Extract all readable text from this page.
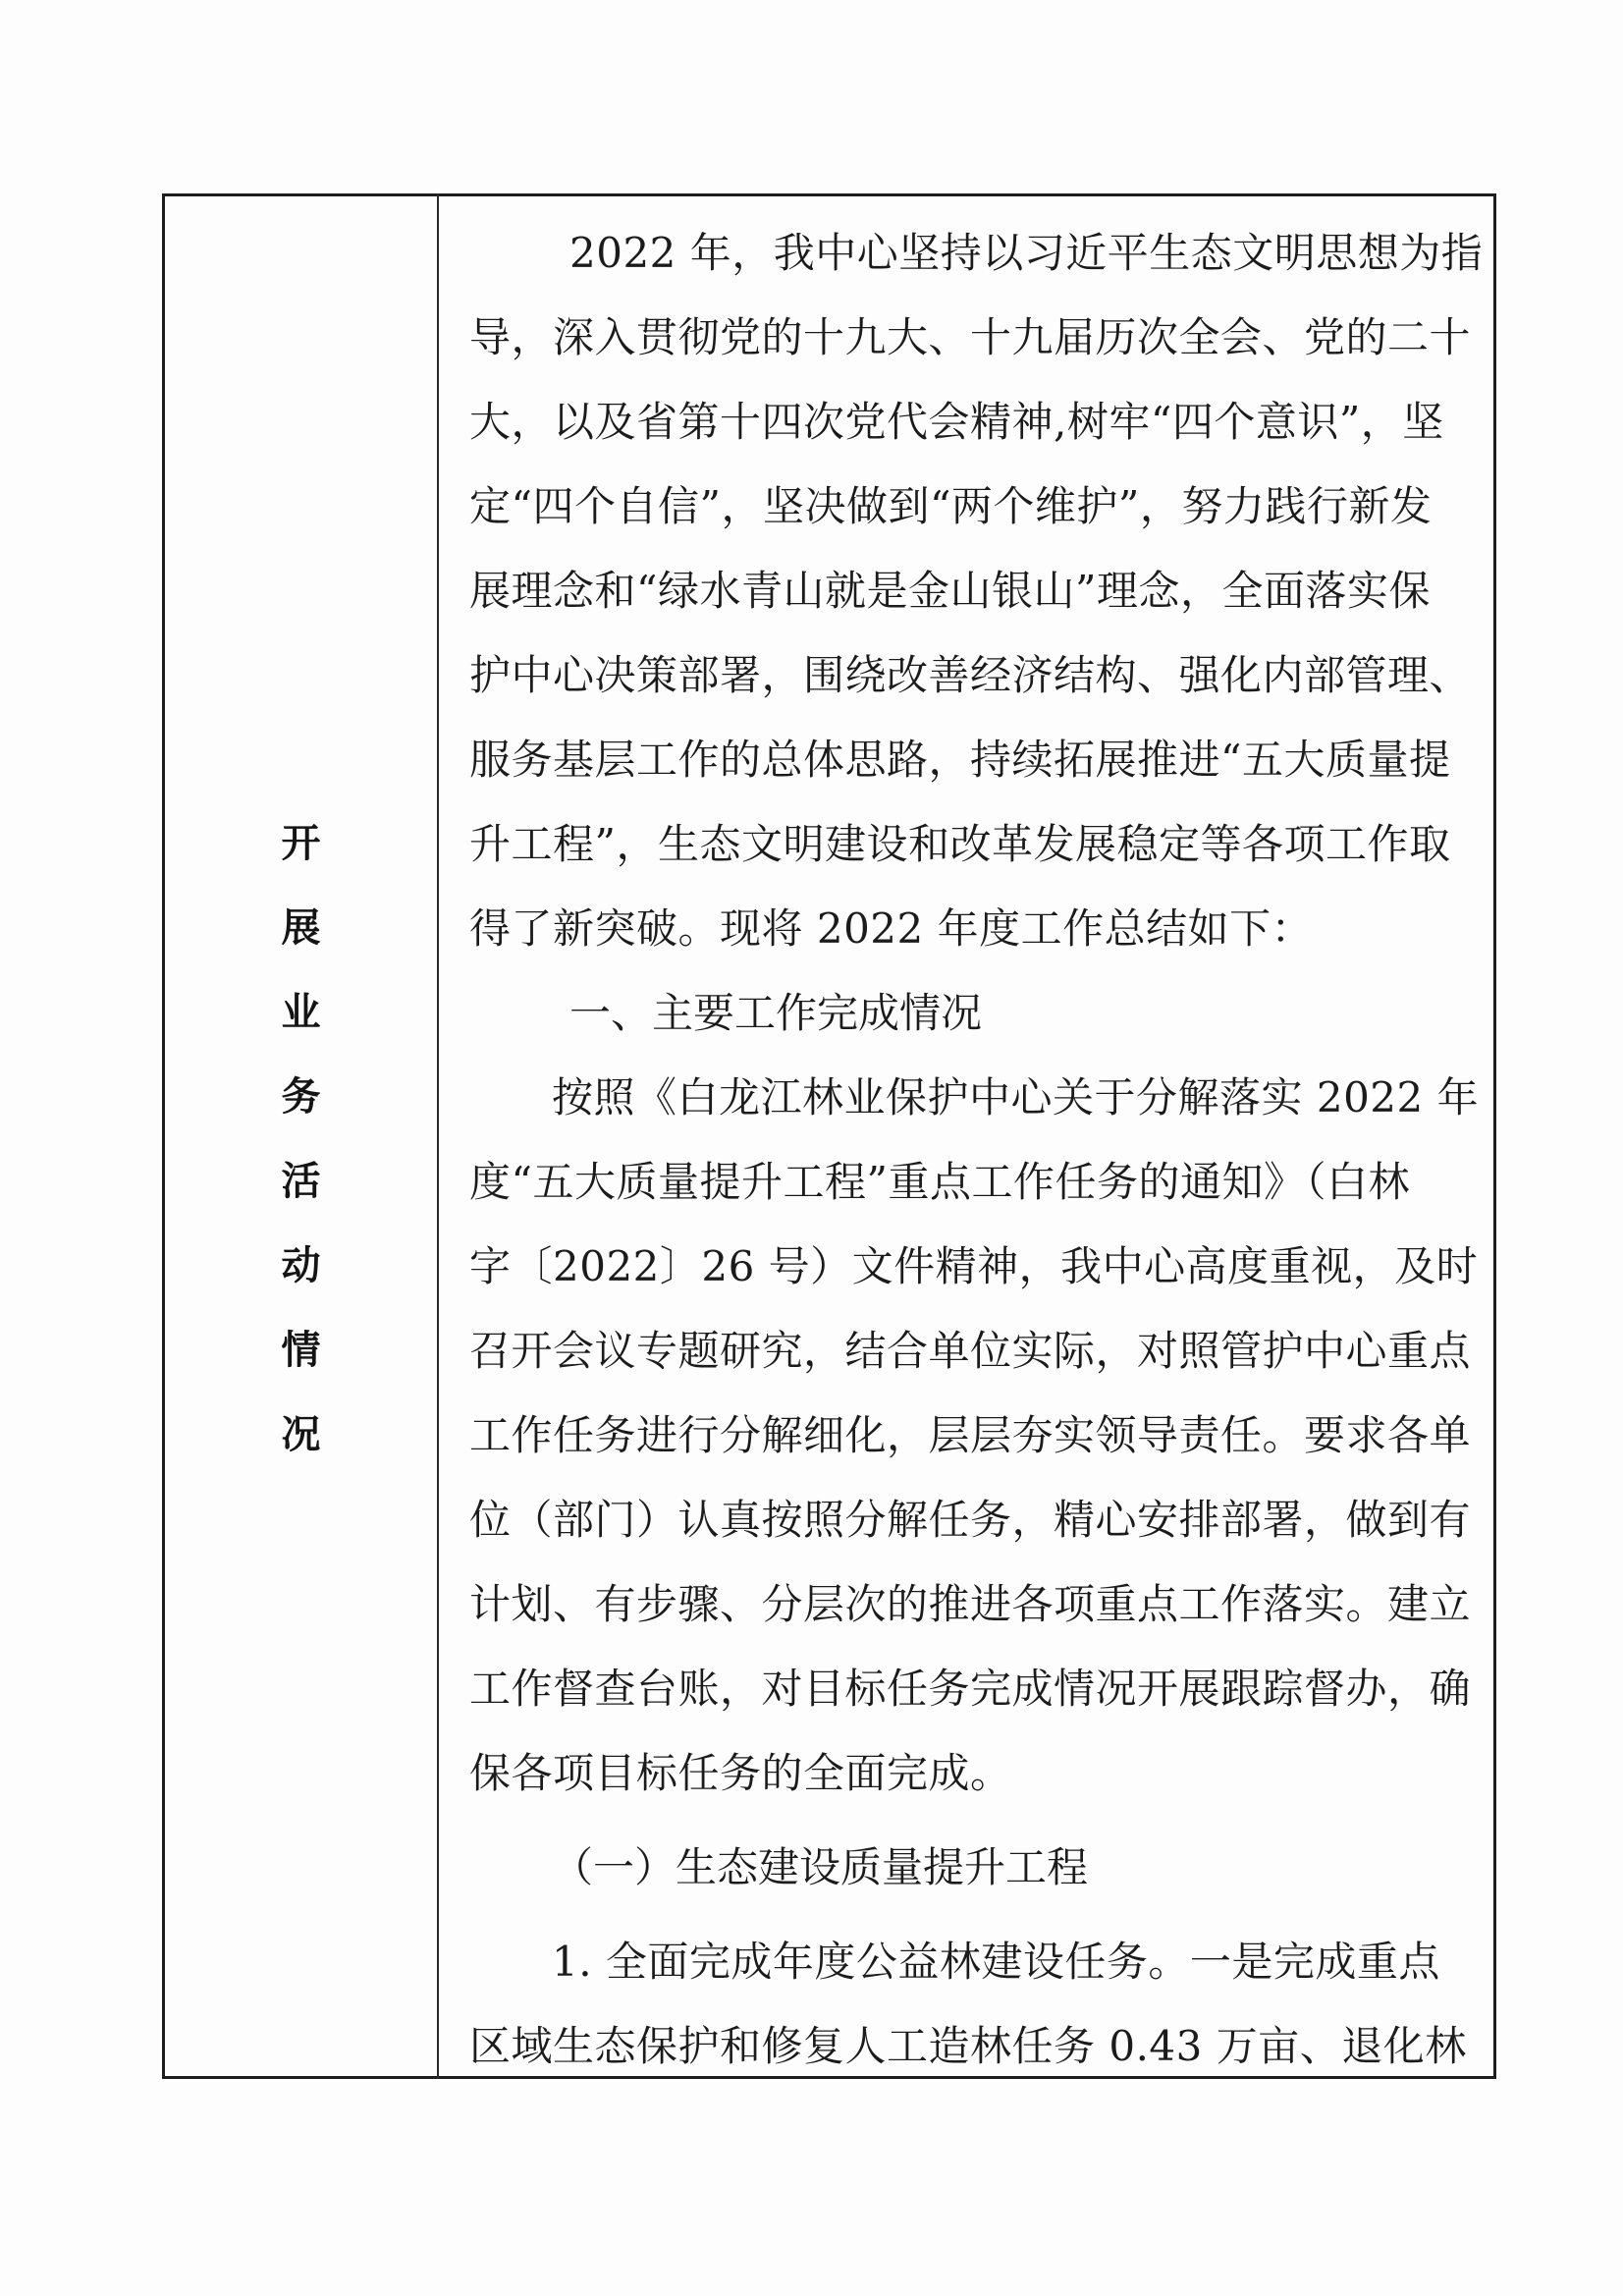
开
展
业
务
活
动
情
况
2022 年，我中心坚持以习近平生态文明思想为指
导，深入贯彻党的十九大、十九届历次全会、党的二十
大，以及省第十四次党代会精神,树牢“四个意识”，坚
定“四个自信”，坚决做到“两个维护”，努力践行新发
展理念和“绿水青山就是金山银山”理念，全面落实保
护中心决策部署，围绕改善经济结构、强化内部管理、
服务基层工作的总体思路，持续拓展推进“五大质量提
升工程”，生态文明建设和改革发展稳定等各项工作取
得了新突破。现将 2022 年度工作总结如下：
一、主要工作完成情况
按照《白龙江林业保护中心关于分解落实 2022 年
度“五大质量提升工程”重点工作任务的通知》（白林
字〔2022〕26 号）文件精神，我中心高度重视，及时
召开会议专题研究，结合单位实际，对照管护中心重点
工作任务进行分解细化，层层夯实领导责任。要求各单
位（部门）认真按照分解任务，精心安排部署，做到有
计划、有步骤、分层次的推进各项重点工作落实。建立
工作督查台账，对目标任务完成情况开展跟踪督办，确
保各项目标任务的全面完成。
（一）生态建设质量提升工程
1. 全面完成年度公益林建设任务。一是完成重点
区域生态保护和修复人工造林任务 0.43 万亩、退化林
